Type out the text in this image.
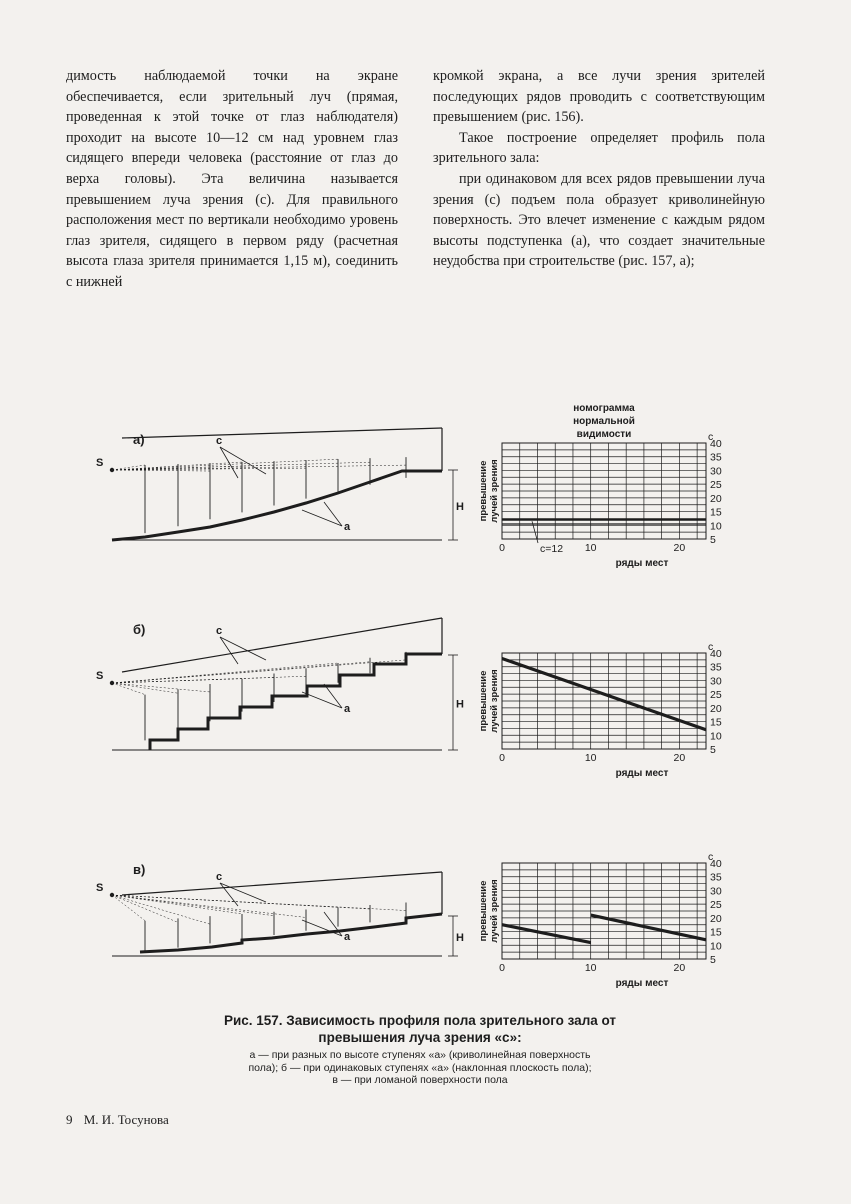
димость наблюдаемой точки на экране обеспечивается, если зрительный луч (прямая, проведенная к этой точке от глаз наблюдателя) проходит на высоте 10—12 см над уровнем глаз сидящего впереди человека (расстояние от глаз до верха головы). Эта величина называется превышением луча зрения (с). Для правильного расположения мест по вертикали необходимо уровень глаз зрителя, сидящего в первом ряду (расчетная высота глаза зрителя принимается 1,15 м), соединить с нижней

кромкой экрана, а все лучи зрения зрителей последующих рядов проводить с соответствующим превышением (рис. 156).

Такое построение определяет профиль пола зрительного зала:

при одинаковом для всех рядов превышении луча зрения (с) подъем пола образует криволинейную поверхность. Это влечет изменение с каждым рядом высоты подступенка (а), что создает значительные неудобства при строительстве (рис. 157, а);

номограмма
нормальной
видимости
а)
S
c
a
H
б)
S
c
a	H
в)
S
c
a	H
5
10
15
20
25
30
35
40
0	10	20
c
ряды мест
превышение лучей зрения
c=12
5
10
15
20
25
30
35
40
0	10	20
c
ряды мест
превышение лучей зрения
5
10
15
20
25
30
35
40
0	10	20
c
ряды мест
превышение лучей зрения
Рис. 157. Зависимость профиля пола зрительного зала от
превышения луча зрения «с»:
а — при разных по высоте ступенях «а» (криволинейная поверхность
пола); б — при одинаковых ступенях «а» (наклонная плоскость пола);
в — при ломаной поверхности пола
9 М. И. Тосунова
